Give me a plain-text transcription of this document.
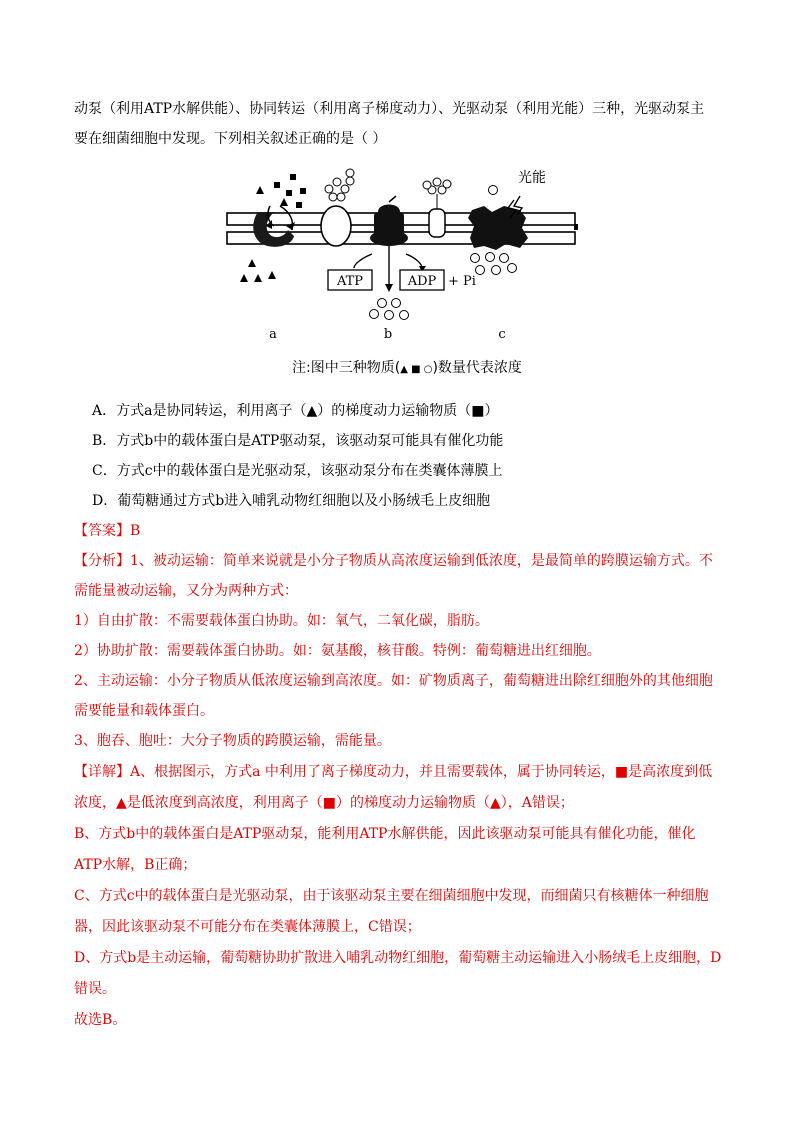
动泵（利用ATP水解供能）、协同转运（利用离子梯度动力）、光驱动泵（利用光能）三种，光驱动泵主
要在细菌细胞中发现。下列相关叙述正确的是（ ）
ATP	ADP + Pi
光能
a	b	c
注:图中三种物质(▲ ■ ○)数量代表浓度
A．方式a是协同转运，利用离子（▲）的梯度动力运输物质（■）
B．方式b中的载体蛋白是ATP驱动泵，该驱动泵可能具有催化功能
C．方式c中的载体蛋白是光驱动泵，该驱动泵分布在类囊体薄膜上
D．葡萄糖通过方式b进入哺乳动物红细胞以及小肠绒毛上皮细胞
【答案】B
【分析】1、被动运输：简单来说就是小分子物质从高浓度运输到低浓度，是最简单的跨膜运输方式。不
需能量被动运输，又分为两种方式：
1）自由扩散：不需要载体蛋白协助。如：氧气，二氧化碳，脂肪。
2）协助扩散：需要载体蛋白协助。如：氨基酸，核苷酸。特例：葡萄糖进出红细胞。
2、主动运输：小分子物质从低浓度运输到高浓度。如：矿物质离子，葡萄糖进出除红细胞外的其他细胞
需要能量和载体蛋白。
3、胞吞、胞吐：大分子物质的跨膜运输，需能量。
【详解】A、根据图示，方式a 中利用了离子梯度动力，并且需要载体，属于协同转运，■是高浓度到低
浓度，▲是低浓度到高浓度，利用离子（■）的梯度动力运输物质（▲），A错误；
B、方式b中的载体蛋白是ATP驱动泵，能利用ATP水解供能，因此该驱动泵可能具有催化功能，催化
ATP水解，B正确；
C、方式c中的载体蛋白是光驱动泵，由于该驱动泵主要在细菌细胞中发现，而细菌只有核糖体一种细胞
器，因此该驱动泵不可能分布在类囊体薄膜上，C错误；
D、方式b是主动运输，葡萄糖协助扩散进入哺乳动物红细胞，葡萄糖主动运输进入小肠绒毛上皮细胞，D
错误。
故选B。
